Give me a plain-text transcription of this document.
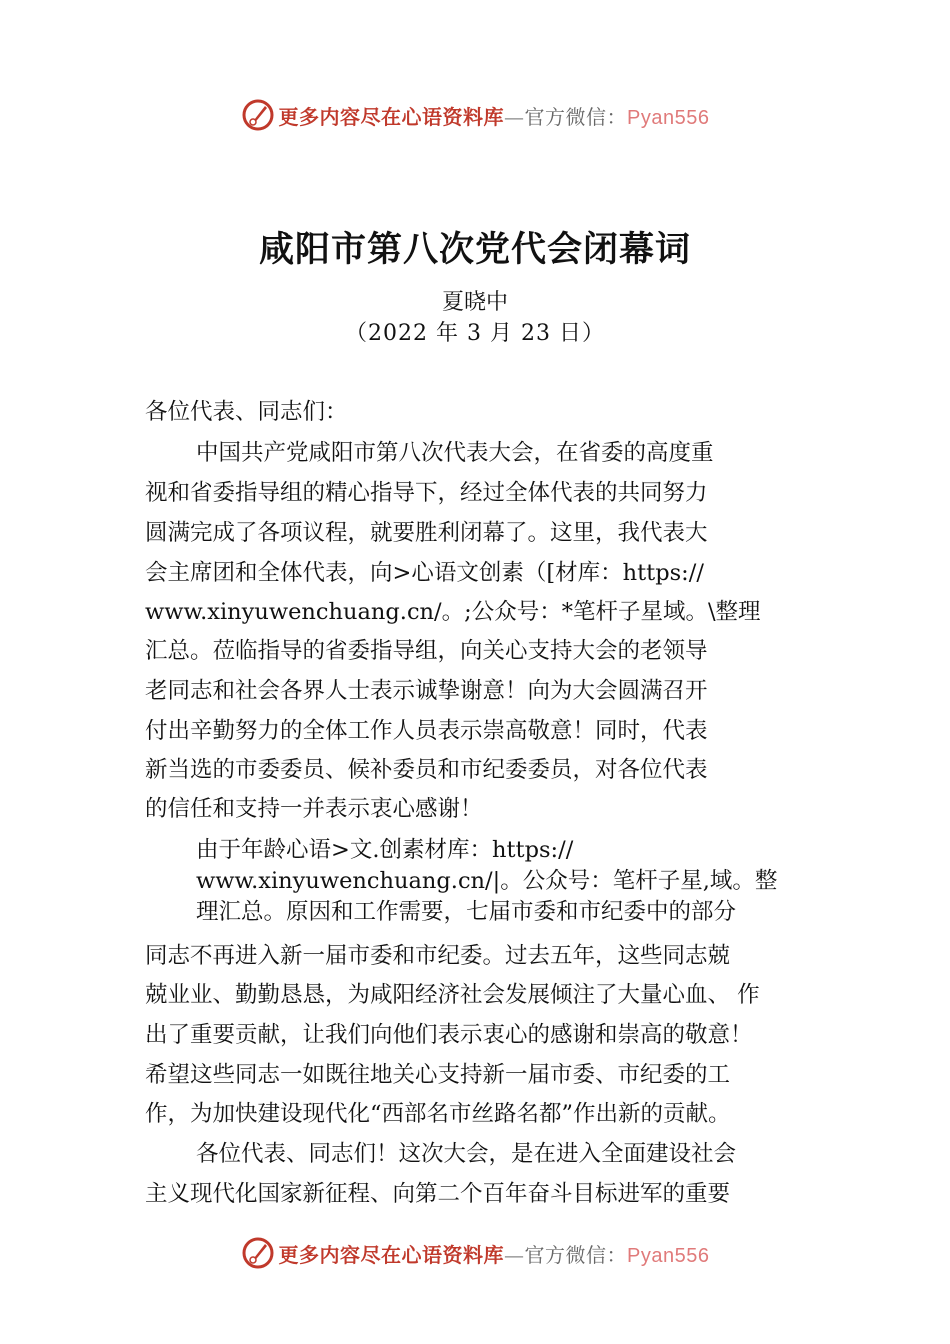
更多内容尽在心语资料库—官方微信：Pyan556
咸阳市第八次党代会闭幕词
夏晓中
（2022 年 3 月 23 日）
各位代表、同志们：
中国共产党咸阳市第八次代表大会，在省委的高度重
视和省委指导组的精心指导下，经过全体代表的共同努力
圆满完成了各项议程，就要胜利闭幕了。这里，我代表大
会主席团和全体代表，向>心语文创素（[材库：https://
www.xinyuwenchuang.cn/。;公众号：*笔杆子星域。\整理
汇总。莅临指导的省委指导组，向关心支持大会的老领导
老同志和社会各界人士表示诚挚谢意！向为大会圆满召开
付出辛勤努力的全体工作人员表示崇高敬意！同时，代表
新当选的市委委员、候补委员和市纪委委员，对各位代表
的信任和支持一并表示衷心感谢！
由于年龄心语>文.创素材库：https://
www.xinyuwenchuang.cn/|。公众号：笔杆子星,域。整
理汇总。原因和工作需要，七届市委和市纪委中的部分
同志不再进入新一届市委和市纪委。过去五年，这些同志兢
兢业业、勤勤恳恳，为咸阳经济社会发展倾注了大量心血、 作
出了重要贡献，让我们向他们表示衷心的感谢和崇高的敬意！
希望这些同志一如既往地关心支持新一届市委、市纪委的工
作，为加快建设现代化“西部名市丝路名都”作出新的贡献。
各位代表、同志们！这次大会，是在进入全面建设社会
主义现代化国家新征程、向第二个百年奋斗目标进军的重要
更多内容尽在心语资料库—官方微信：Pyan556
